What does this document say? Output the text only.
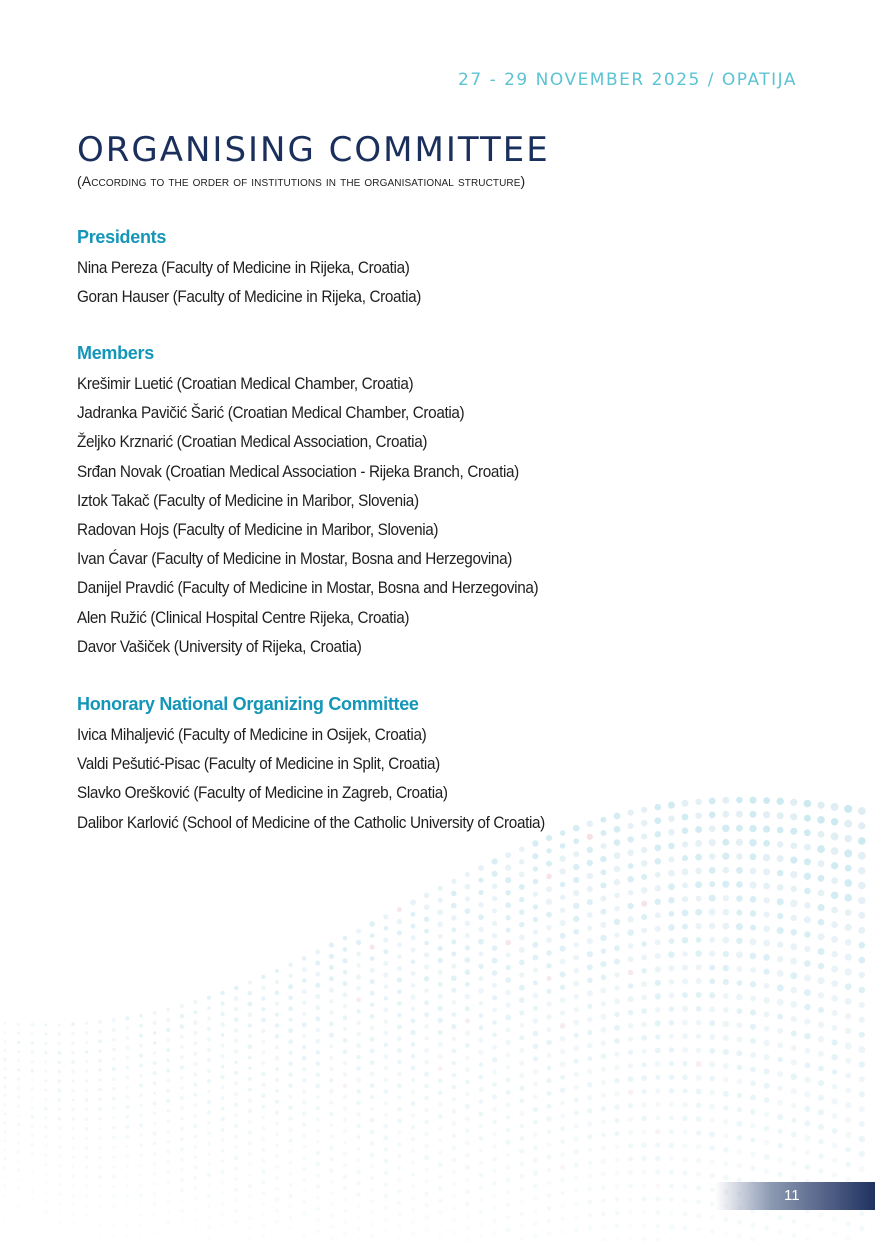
27 - 29 NOVEMBER 2025 / OPATIJA
ORGANISING COMMITTEE
(According to the order of institutions in the organisational structure)
Presidents
Nina Pereza (Faculty of Medicine in Rijeka, Croatia)
Goran Hauser (Faculty of Medicine in Rijeka, Croatia)
Members
Krešimir Luetić (Croatian Medical Chamber, Croatia)
Jadranka Pavičić Šarić (Croatian Medical Chamber, Croatia)
Željko Krznarić (Croatian Medical Association, Croatia)
Srđan Novak (Croatian Medical Association - Rijeka Branch, Croatia)
Iztok Takač (Faculty of Medicine in Maribor, Slovenia)
Radovan Hojs (Faculty of Medicine in Maribor, Slovenia)
Ivan Ćavar (Faculty of Medicine in Mostar, Bosna and Herzegovina)
Danijel Pravdić (Faculty of Medicine in Mostar, Bosna and Herzegovina)
Alen Ružić (Clinical Hospital Centre Rijeka, Croatia)
Davor Vašiček (University of Rijeka, Croatia)
Honorary National Organizing Committee
Ivica Mihaljević (Faculty of Medicine in Osijek, Croatia)
Valdi Pešutić-Pisac (Faculty of Medicine in Split, Croatia)
Slavko Orešković (Faculty of Medicine in Zagreb, Croatia)
Dalibor Karlović (School of Medicine of the Catholic University of Croatia)
11
